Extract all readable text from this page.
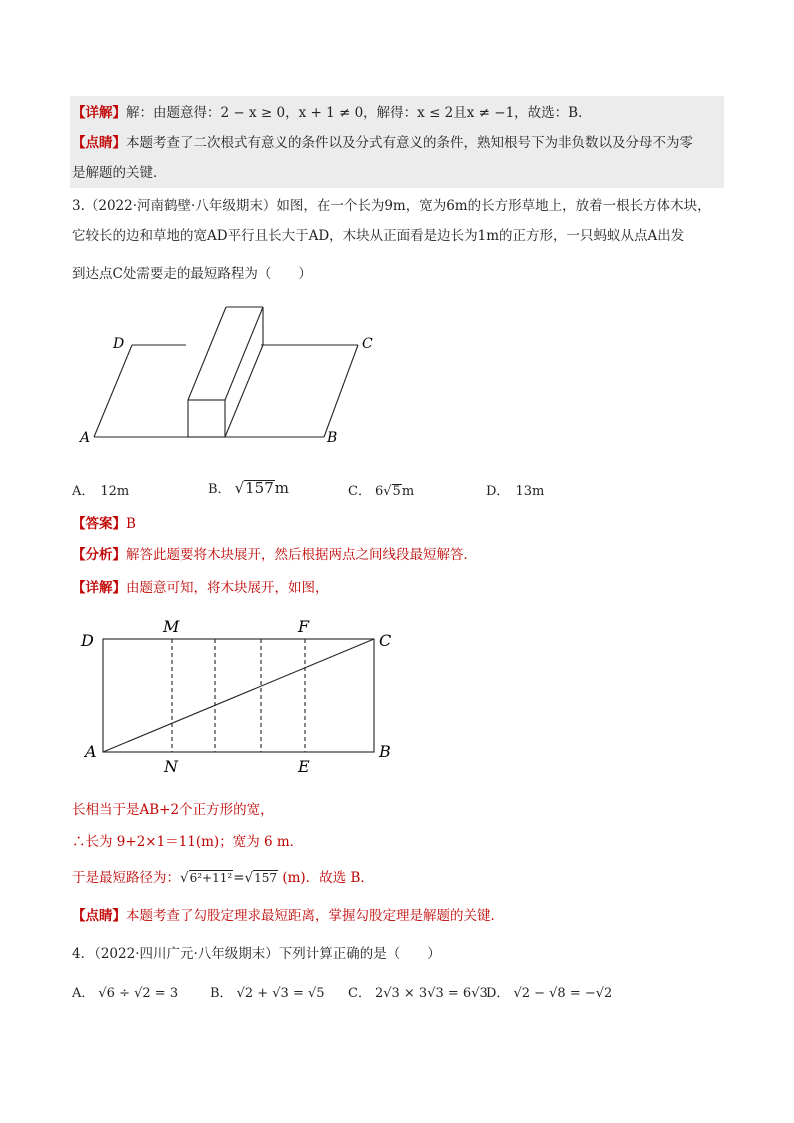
【详解】解：由题意得：2 − x ≥ 0，x + 1 ≠ 0，解得：x ≤ 2且x ≠ −1，故选：B．
【点睛】本题考查了二次根式有意义的条件以及分式有意义的条件，熟知根号下为非负数以及分母不为零
是解题的关键．
3.（2022·河南鹤壁·八年级期末）如图，在一个长为9m，宽为6m的长方形草地上，放着一根长方体木块，
它较长的边和草地的宽AD平行且长大于AD，木块从正面看是边长为1m的正方形，一只蚂蚁从点A出发
到达点C处需要走的最短路程为（　　）
D	C
A	B
A． 12m	B． √157m	C． 6√5m	D． 13m
【答案】B
【分析】解答此题要将木块展开，然后根据两点之间线段最短解答．
【详解】由题意可知，将木块展开，如图，
D
M	F
C
A
N	E
B
长相当于是AB+2个正方形的宽，
∴长为 9+2×1＝11(m)；宽为 6 m．
于是最短路径为：√6²+11²=√157 (m)．故选 B．
【点睛】本题考查了勾股定理求最短距离，掌握勾股定理是解题的关键．
4．（2022·四川广元·八年级期末）下列计算正确的是（　　）
A． √6 ÷ √2 = 3 B． √2 + √3 = √5 C． 2√3 × 3√3 = 6√3
D． √2 − √8 = −√2
